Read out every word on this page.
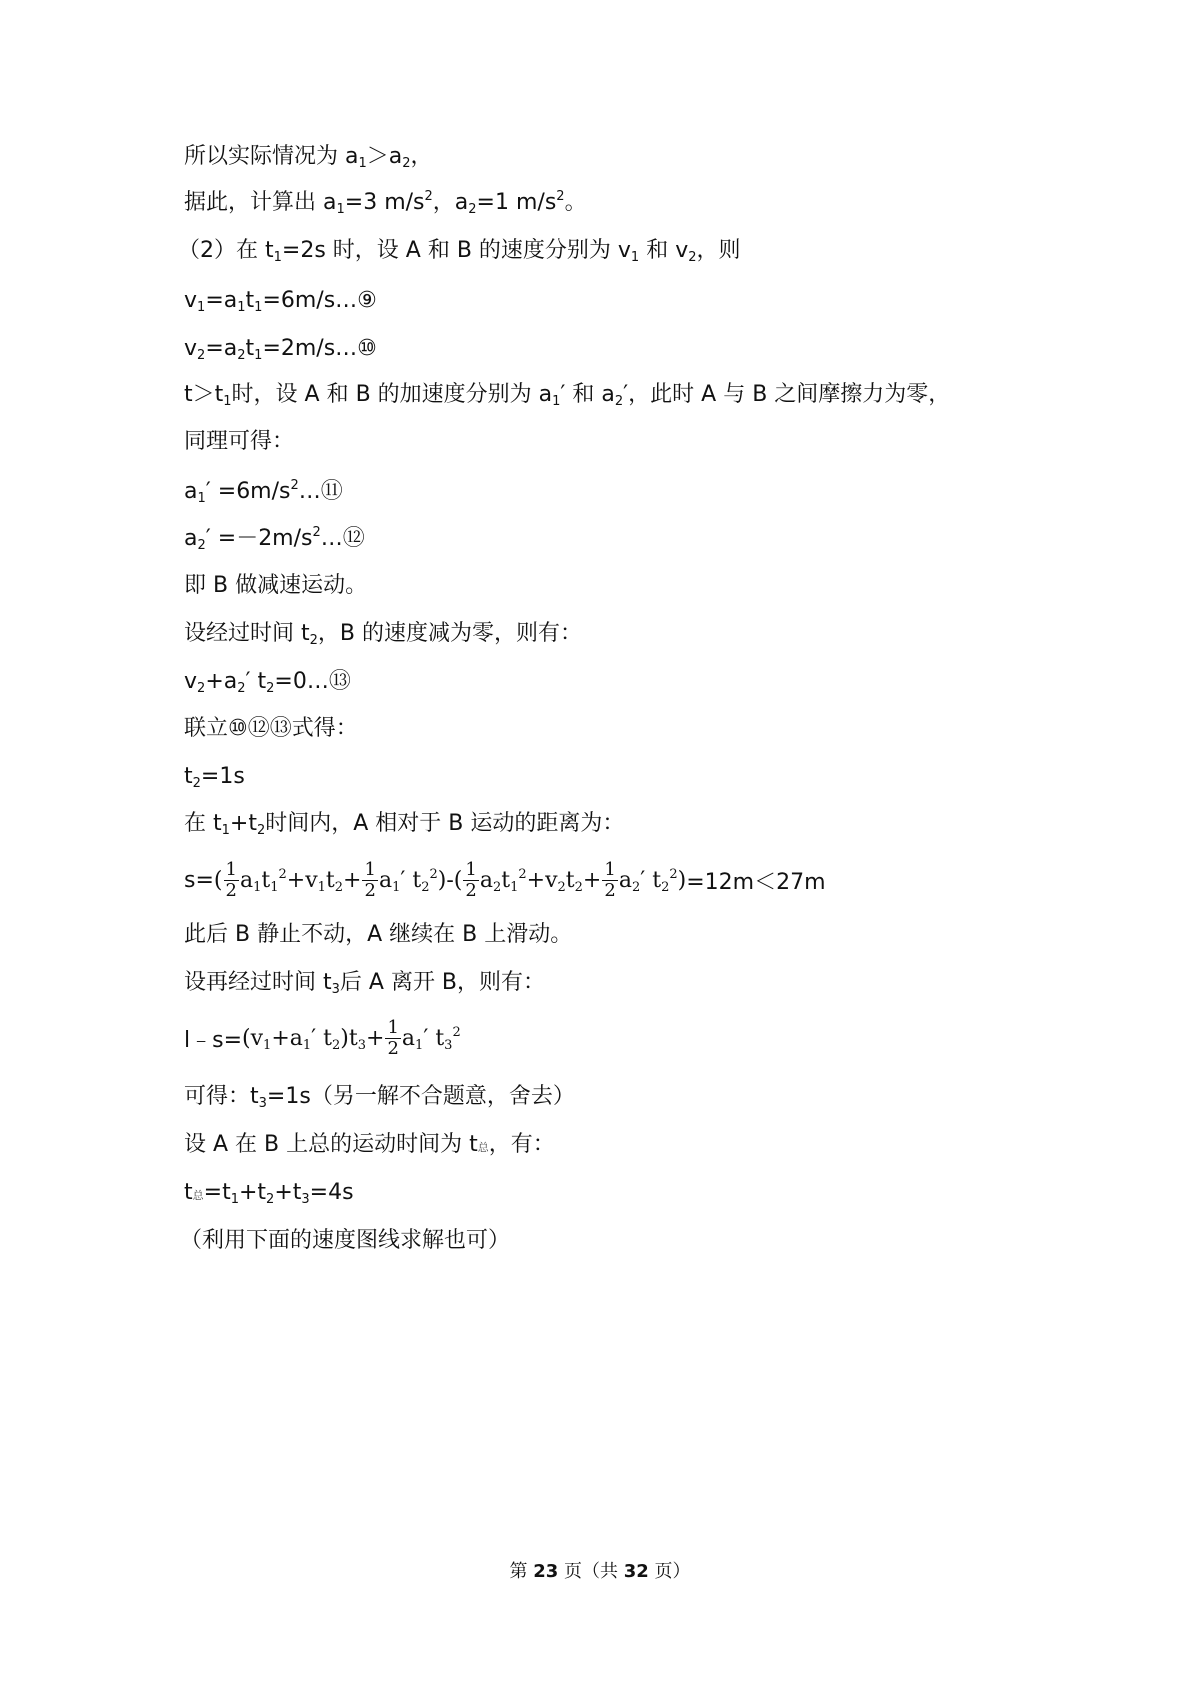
所以实际情况为 $a_1>a_2$，
据此，计算出 $a_1=3$ $m/s^2$，$a_2=1$ $m/s^2$。
（2）在 $t_1=2s$ 时，设 A 和 B 的速度分别为 $v_1$ 和 $v_2$，则
$v_1=a_1t_1=6m/s\dots ⑨$
$v_2=a_2t_1=2m/s\dots ⑩$
$t>t_1$时，设 A 和 B 的加速度分别为 $a_1'$ 和 $a_2'$，此时 A 与 B 之间摩擦力为零，
同理可得：
$a_1'$ $=6m/s^2\dots ⑪$
$a_2'$ $=-2m/s^2\dots ⑫$
即 B 做减速运动。
设经过时间 $t_2$，B 的速度减为零，则有：
$v_2+a_2'$ $t_2=0\dots ⑬$
联立⑩⑫⑬式得：
$t_2=1s$
在 $t_1+t_2$时间内，A 相对于 B 运动的距离为：
$s=( \frac{1}{2} a_1t_1^2+v_1t_2+ \frac{1}{2} a_1'$ $t_2^2)-( \frac{1}{2} a_2t_1^2+v_2t_2+ \frac{1}{2} a_2'$ $t_2^2)=12m<27m$
此后 B 静止不动，A 继续在 B 上滑动。
设再经过时间 $t_3$后 A 离开 B，则有：
$l﹣s=(v_1+a_1'$ $t_2)t_3+ \frac{1}{2} a_1'$ $t_3^2$
可得：$t_3=1s$（另一解不合题意，舍去）
设 A 在 B 上总的运动时间为 t总，有：
t总$=t_1+t_2+t_3=4s$
（利用下面的速度图线求解也可）
第 23 页（共 32 页）
